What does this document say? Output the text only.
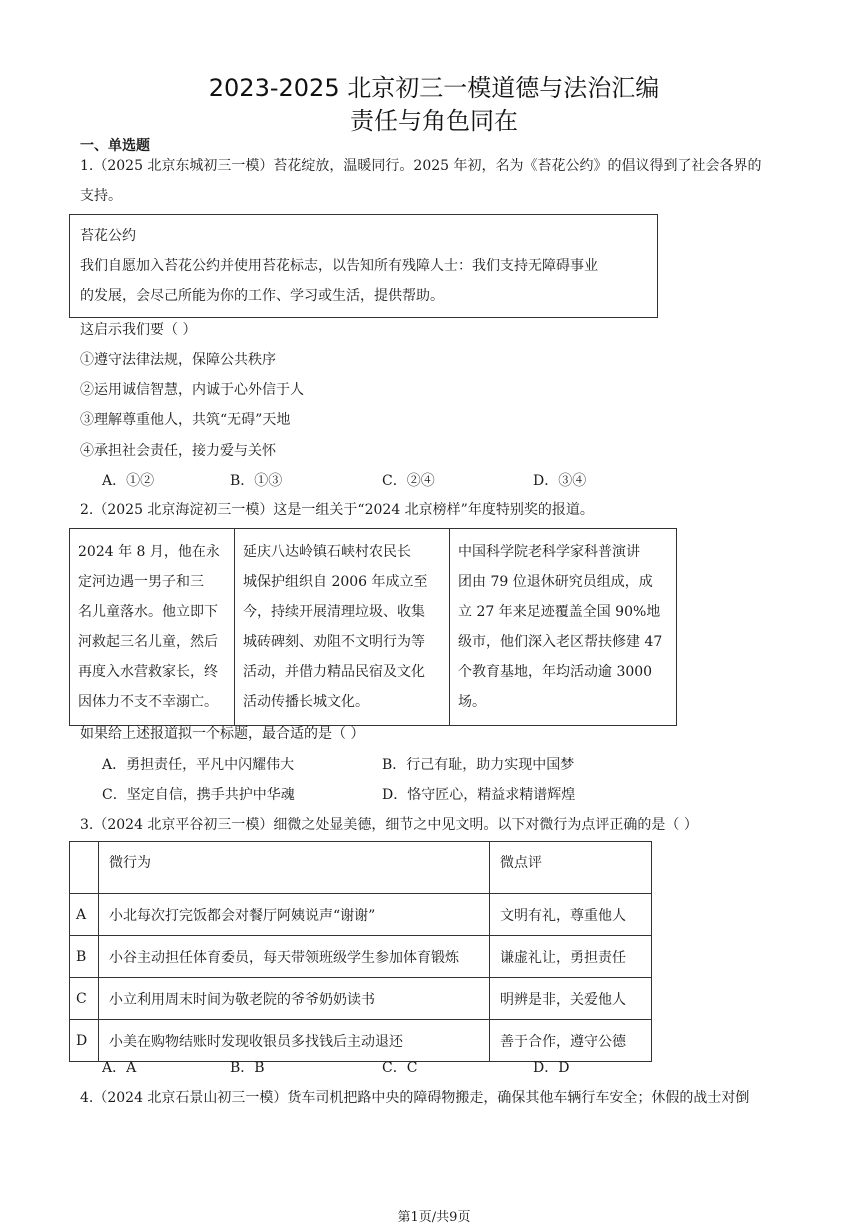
2023-2025 北京初三一模道德与法治汇编
责任与角色同在
一、单选题
1.（2025 北京东城初三一模）苔花绽放，温暖同行。2025 年初，名为《苔花公约》的倡议得到了社会各界的
支持。
苔花公约
我们自愿加入苔花公约并使用苔花标志，以告知所有残障人士：我们支持无障碍事业
的发展，会尽己所能为你的工作、学习或生活，提供帮助。
这启示我们要（ ）
①遵守法律法规，保障公共秩序
②运用诚信智慧，内诚于心外信于人
③理解尊重他人，共筑“无碍”天地
④承担社会责任，接力爱与关怀
A．①②	B．①③	C．②④	D．③④
2.（2025 北京海淀初三一模）这是一组关于“2024 北京榜样”年度特别奖的报道。
2024 年 8 月，他在永
定河边遇一男子和三
名儿童落水。他立即下
河救起三名儿童，然后
再度入水营救家长，终
因体力不支不幸溺亡。

延庆八达岭镇石峡村农民长
城保护组织自 2006 年成立至
今，持续开展清理垃圾、收集
城砖碑刻、劝阻不文明行为等
活动，并借力精品民宿及文化
活动传播长城文化。

中国科学院老科学家科普演讲
团由 79 位退休研究员组成，成
立 27 年来足迹覆盖全国 90%地
级市，他们深入老区帮扶修建 47
个教育基地，年均活动逾 3000
场。
如果给上述报道拟一个标题，最合适的是（ ）
A．勇担责任，平凡中闪耀伟大	B．行己有耻，助力实现中国梦
C．坚定自信，携手共护中华魂	D．恪守匠心，精益求精谱辉煌
3.（2024 北京平谷初三一模）细微之处显美德，细节之中见文明。以下对微行为点评正确的是（ ）
	微行为	微点评
A	小北每次打完饭都会对餐厅阿姨说声“谢谢”	文明有礼，尊重他人
B	小谷主动担任体育委员，每天带领班级学生参加体育锻炼	谦虚礼让，勇担责任
C	小立利用周末时间为敬老院的爷爷奶奶读书	明辨是非，关爱他人
D	小美在购物结账时发现收银员多找钱后主动退还	善于合作，遵守公德
A．A	B．B	C．C	D．D
4.（2024 北京石景山初三一模）货车司机把路中央的障碍物搬走，确保其他车辆行车安全；休假的战士对倒
第1页/共9页
